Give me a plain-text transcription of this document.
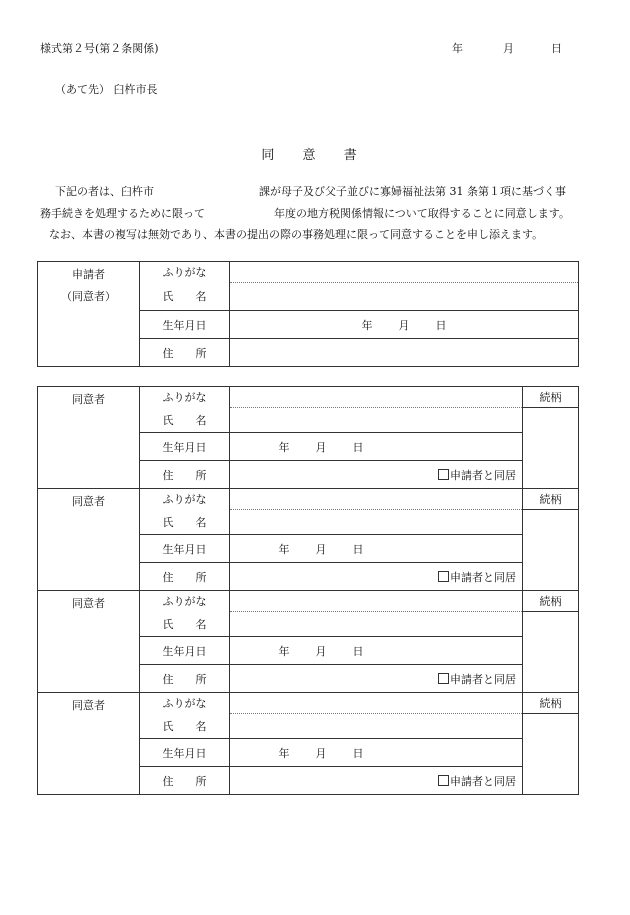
様式第２号(第２条関係)	年	月	日
（あて先） 臼杵市長
同 意 書
下記の者は、臼杵市	課が母子及び父子並びに寡婦福祉法第 31 条第１項に基づく事
務手続きを処理するために限って	年度の地方税関係情報について取得することに同意します。
なお、本書の複写は無効であり、本書の提出の際の事務処理に限って同意することを申し添えます。
申請者
（同意者）	ふりがな	
	氏　　名	
	生年月日	年 月 日
	住　　所	
同意者	ふりがな		続柄
	氏　　名		
	生年月日	年 月 日	
	住　　所	申請者と同居	

同意者	ふりがな		続柄
	氏　　名		
	生年月日	年 月 日	
	住　　所	申請者と同居	

同意者	ふりがな		続柄
	氏　　名		
	生年月日	年 月 日	
	住　　所	申請者と同居	

同意者	ふりがな		続柄
	氏　　名		
	生年月日	年 月 日	
	住　　所	申請者と同居	
